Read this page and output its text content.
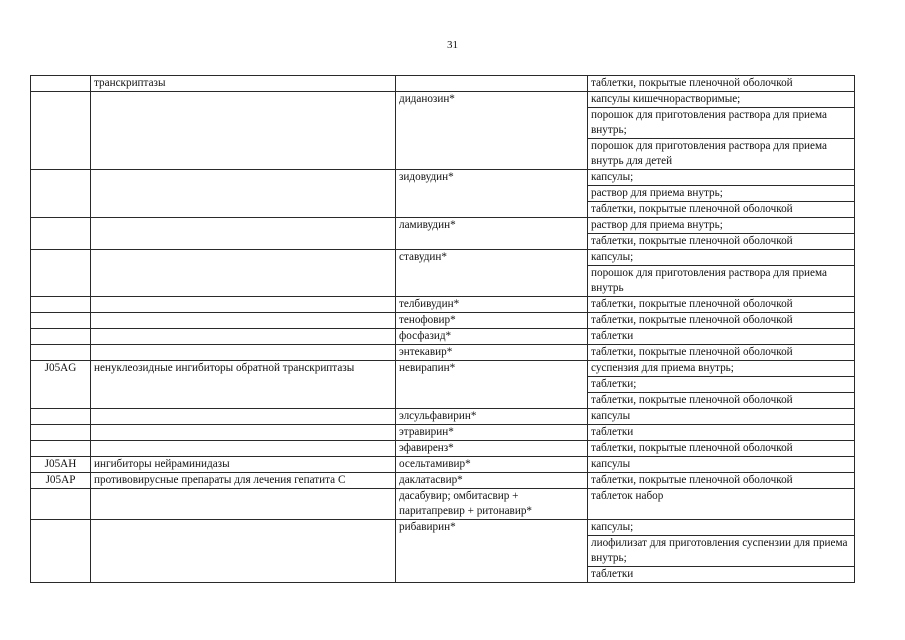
31
	транскриптазы		таблетки, покрытые пленочной оболочкой
		диданозин*	капсулы кишечнорастворимые;
			порошок для приготовления раствора для приема внутрь;
			порошок для приготовления раствора для приема внутрь для детей
		зидовудин*	капсулы;
			раствор для приема внутрь;
			таблетки, покрытые пленочной оболочкой
		ламивудин*	раствор для приема внутрь;
			таблетки, покрытые пленочной оболочкой
		ставудин*	капсулы;
			порошок для приготовления раствора для приема внутрь
		телбивудин*	таблетки, покрытые пленочной оболочкой
		тенофовир*	таблетки, покрытые пленочной оболочкой
		фосфазид*	таблетки
		энтекавир*	таблетки, покрытые пленочной оболочкой
J05AG	ненуклеозидные ингибиторы обратной транскриптазы	невирапин*	суспензия для приема внутрь;
			таблетки;
			таблетки, покрытые пленочной оболочкой
		элсульфавирин*	капсулы
		этравирин*	таблетки
		эфавиренз*	таблетки, покрытые пленочной оболочкой
J05AH	ингибиторы нейраминидазы	осельтамивир*	капсулы
J05AP	противовирусные препараты для лечения гепатита С	даклатасвир*	таблетки, покрытые пленочной оболочкой
		дасабувир; омбитасвир + паритапревир + ритонавир*	таблеток набор
		рибавирин*	капсулы;
			лиофилизат для приготовления суспензии для приема внутрь;
			таблетки
